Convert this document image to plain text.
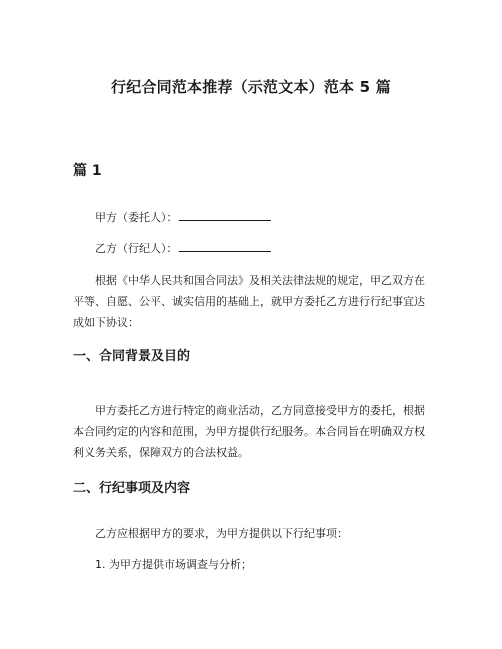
行纪合同范本推荐（示范文本）范本 5 篇
篇 1
甲方（委托人）：
乙方（行纪人）：
根据《中华人民共和国合同法》及相关法律法规的规定，甲乙双方在平等、自愿、公平、诚实信用的基础上，就甲方委托乙方进行行纪事宜达成如下协议：
一、合同背景及目的
甲方委托乙方进行特定的商业活动，乙方同意接受甲方的委托，根据本合同约定的内容和范围，为甲方提供行纪服务。本合同旨在明确双方权利义务关系，保障双方的合法权益。
二、行纪事项及内容
乙方应根据甲方的要求，为甲方提供以下行纪事项：
1. 为甲方提供市场调查与分析；
